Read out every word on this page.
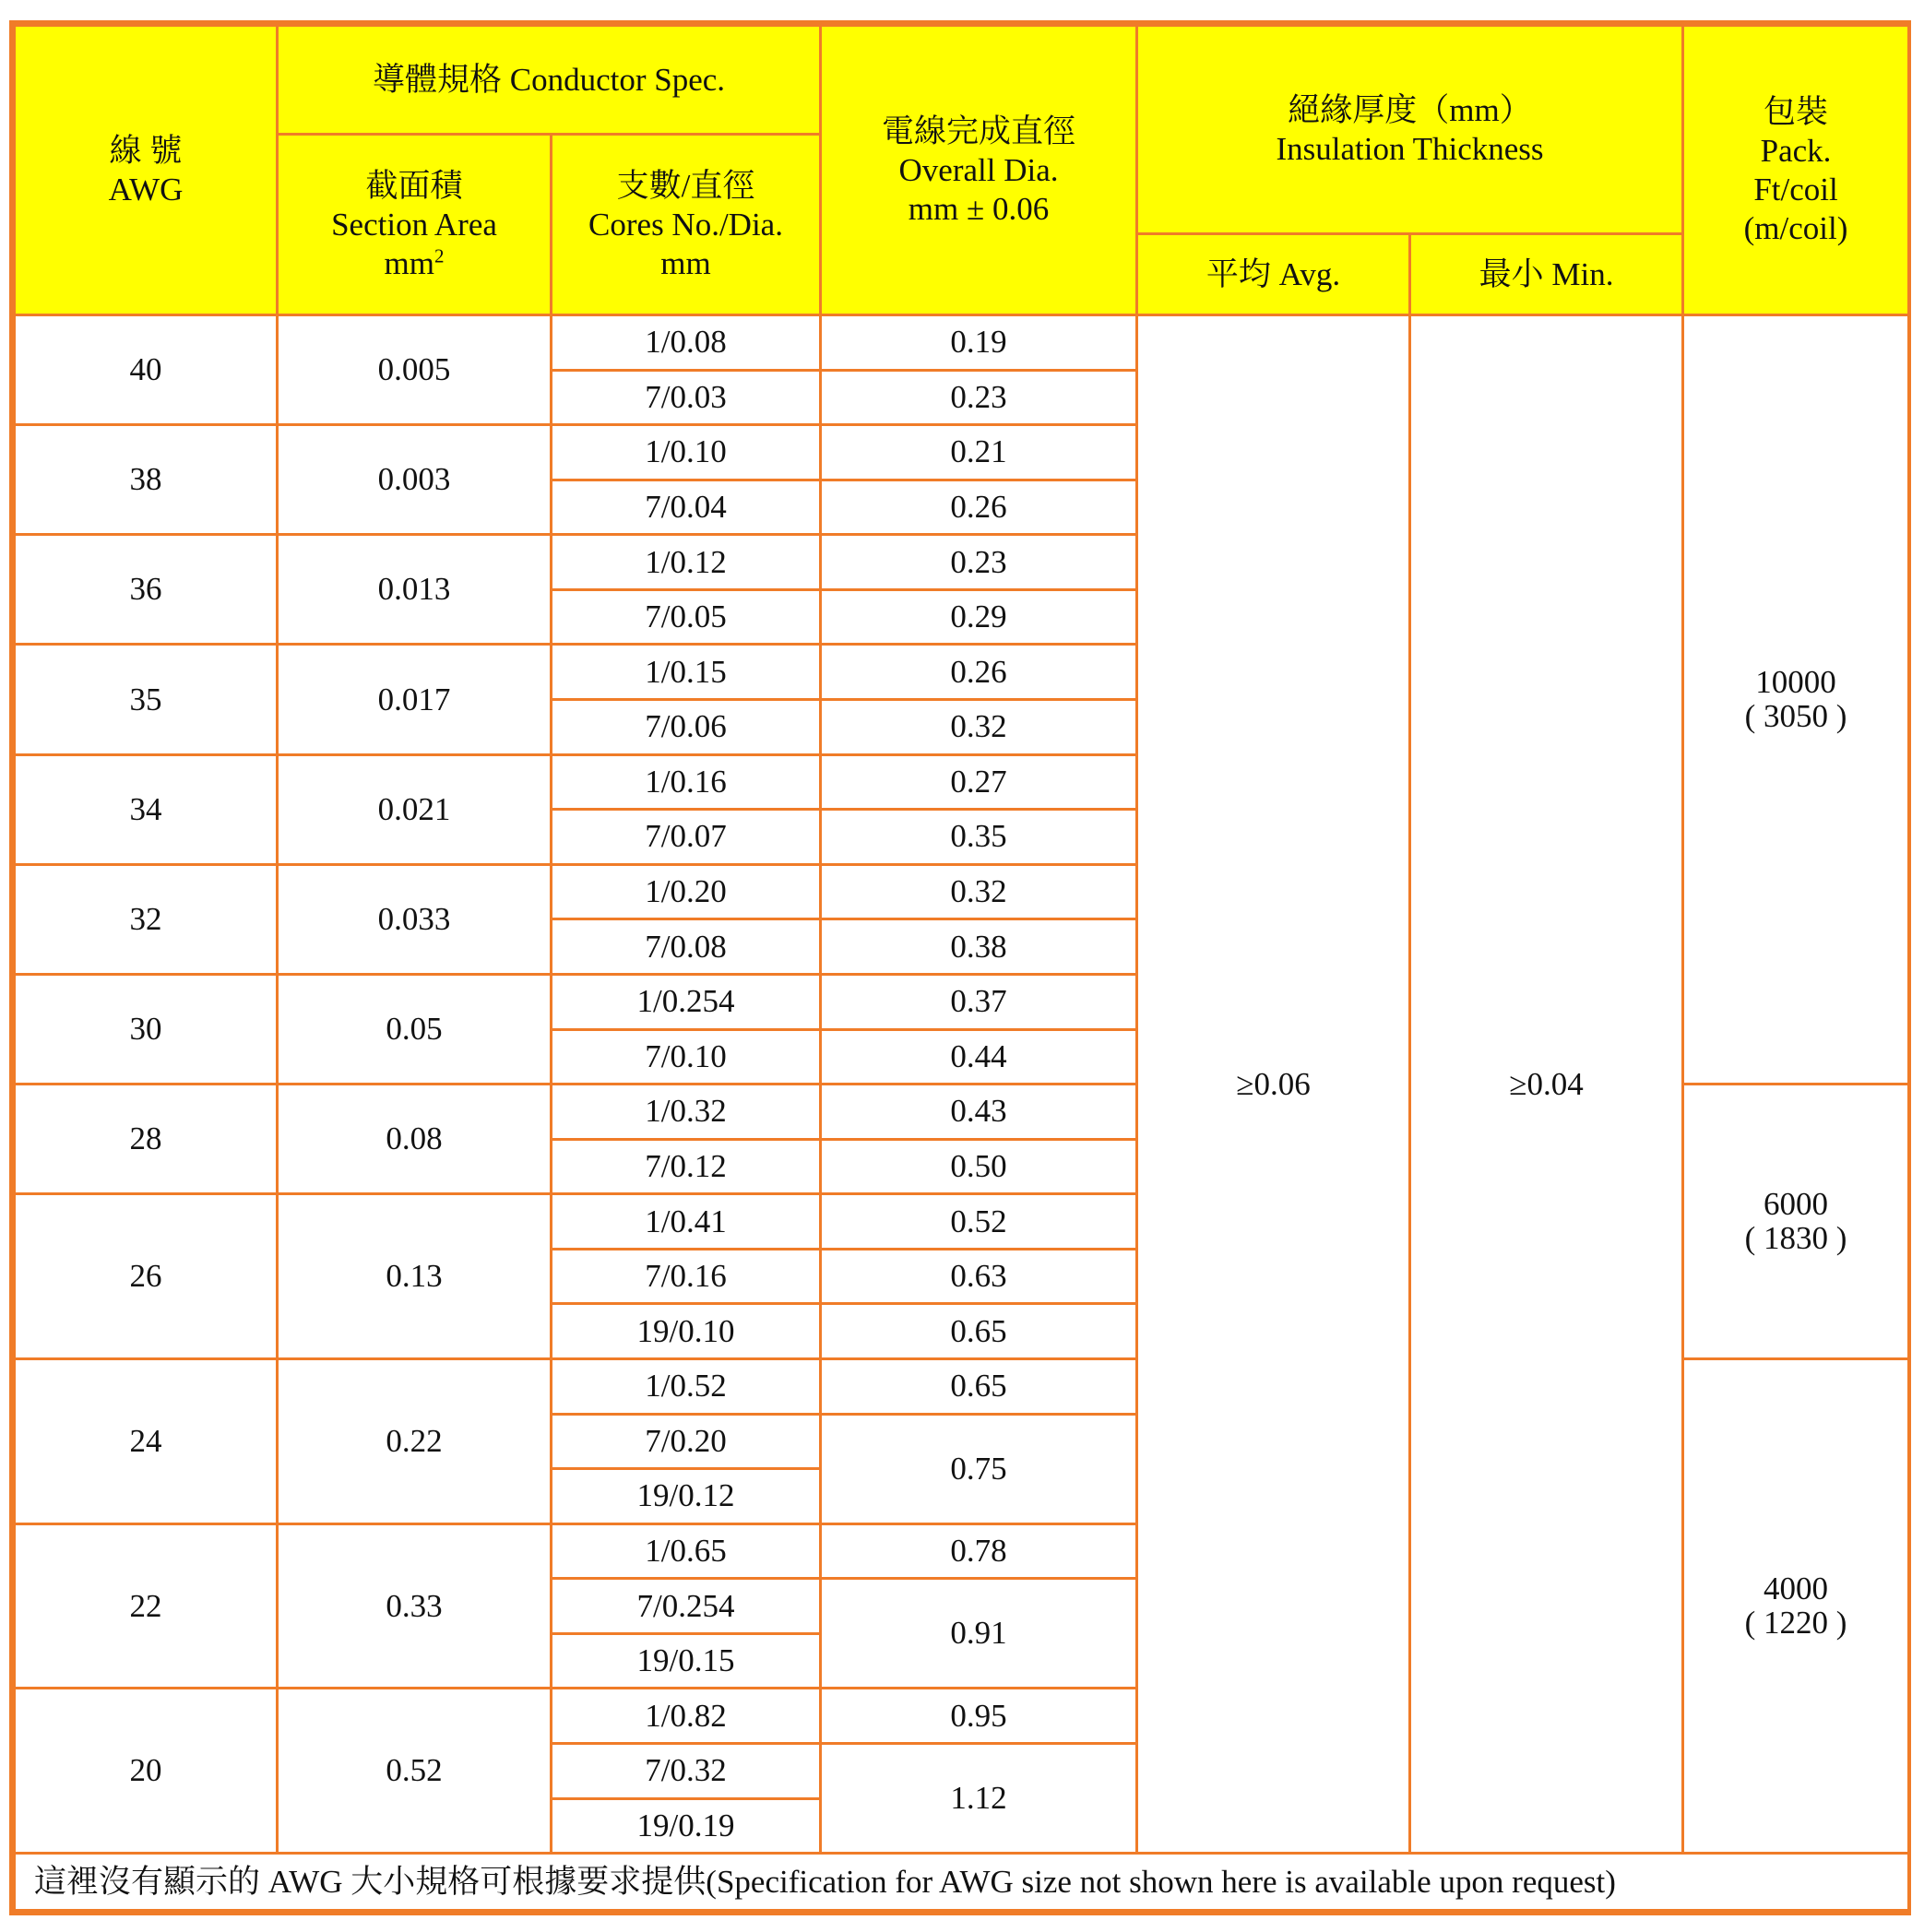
線 號
AWG	導體規格 Conductor Spec.		電線完成直徑
Overall Dia.
mm ± 0.06	絕緣厚度（mm）
Insulation Thickness		包裝
Pack.
Ft/coil
(m/coil)

	截面積
Section Area
$mm^2$	支數/直徑
Cores No./Dia.
mm				

				平均 Avg.	最小 Min.	
40	0.005	1/0.08	0.19	≥0.06	≥0.04	10000
( 3050 )

		7/0.03	0.23			
38	0.003	1/0.10	0.21			
		7/0.04	0.26			
36	0.013	1/0.12	0.23			
		7/0.05	0.29			
35	0.017	1/0.15	0.26			
		7/0.06	0.32			
34	0.021	1/0.16	0.27			
		7/0.07	0.35			
32	0.033	1/0.20	0.32			
		7/0.08	0.38			
30	0.05	1/0.254	0.37			
		7/0.10	0.44			
28	0.08	1/0.32	0.43			6000
( 1830 )

		7/0.12	0.50			
26	0.13	1/0.41	0.52			
		7/0.16	0.63			
		19/0.10	0.65			
24	0.22	1/0.52	0.65			4000
( 1220 )

		7/0.20	0.75			
		19/0.12				
22	0.33	1/0.65	0.78			
		7/0.254	0.91			
		19/0.15				
20	0.52	1/0.82	0.95			
		7/0.32	1.12			
		19/0.19				
這裡沒有顯示的 AWG 大小規格可根據要求提供(Specification for AWG size not shown here is available upon request)						
